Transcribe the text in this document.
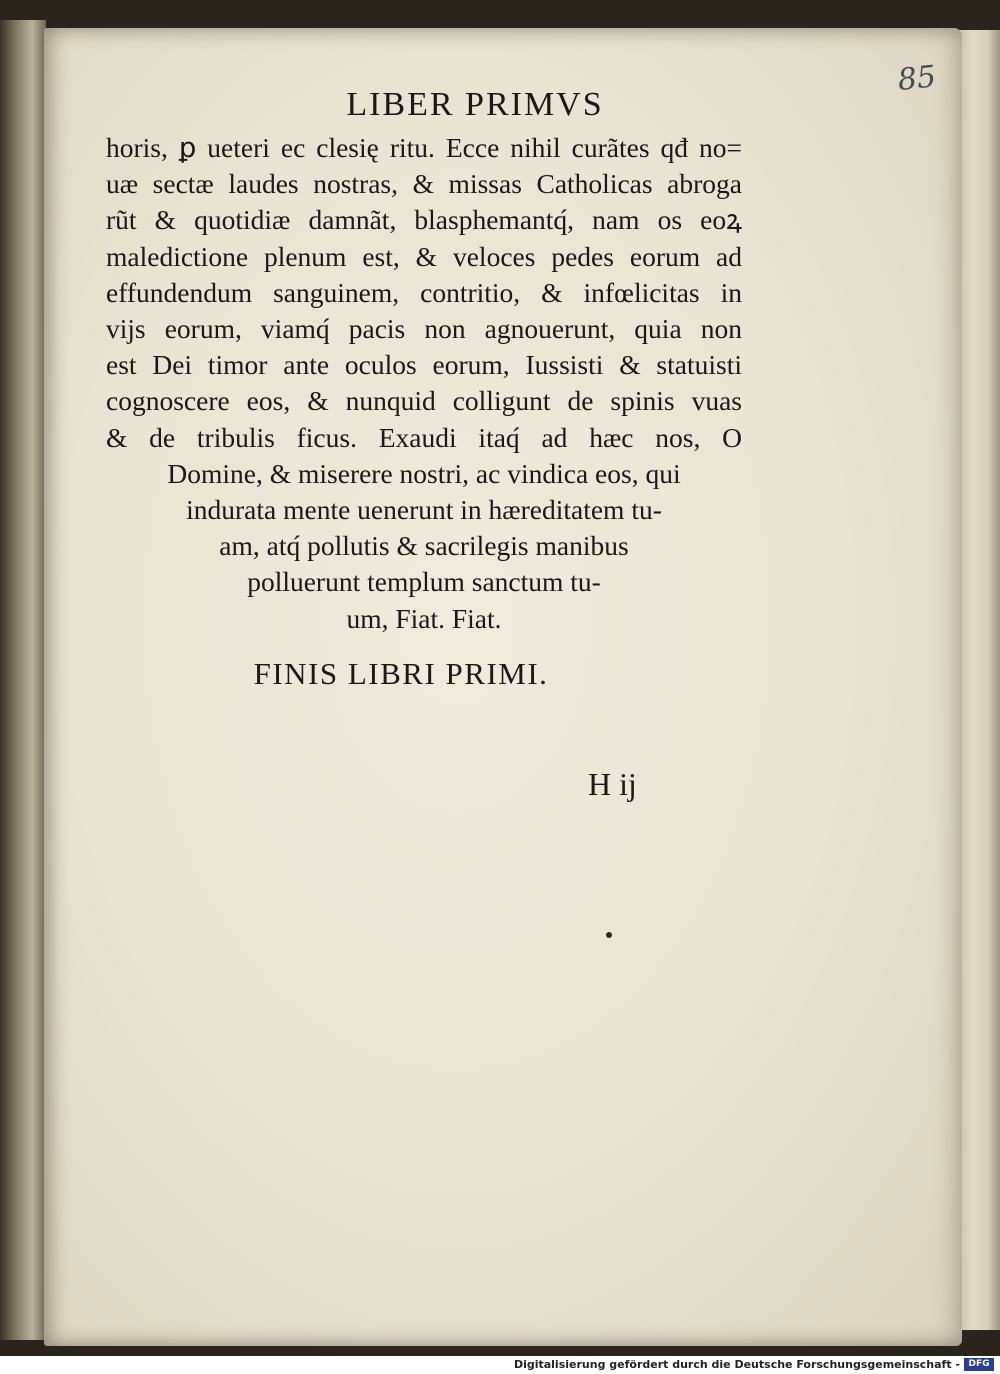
85
LIBER PRIMVS
horis, ꝑ ueteri ec clesię ritu. Ecce nihil curãtes qđ no=
uæ sectæ laudes nostras, & missas Catholicas abroga
rũt & quotidiæ damnãt, blasphemantq́, nam os eoꝝ
maledictione plenum est, & veloces pedes eorum ad
effundendum sanguinem, contritio, & infœlicitas in
vĳs eorum, viamq́ pacis non agnouerunt, quia non
est Dei timor ante oculos eorum, Iussisti & statuisti
cognoscere eos, & nunquid colligunt de spinis vuas
& de tribulis ficus. Exaudi itaq́ ad hæc nos, O
Domine, & miserere nostri, ac vindica eos, qui
indurata mente uenerunt in hæreditatem tu-
am, atq́ pollutis & sacrilegis manibus
polluerunt templum sanctum tu-
um, Fiat. Fiat.
FINIS LIBRI PRIMI.
H ĳ
Digitalisierung gefördert durch die Deutsche Forschungsgemeinschaft - DFG
